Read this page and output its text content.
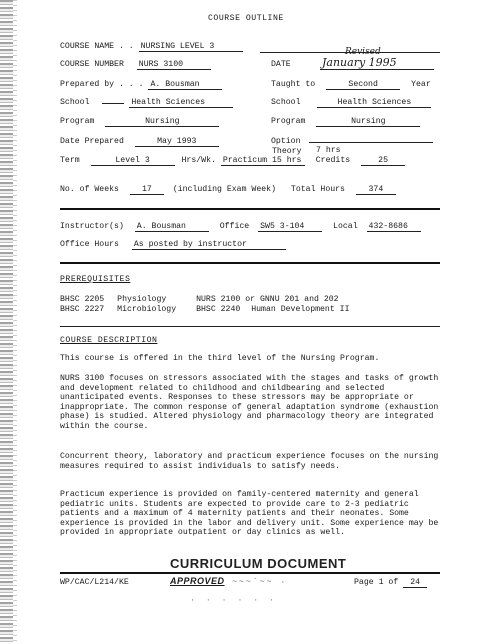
COURSE OUTLINE
COURSE NAME . . NURSING LEVEL 3
COURSE NUMBER NURS 3100	DATE
Revised
January 1995
Prepared by . . . A. Bousman	Taught to	Second	Year
School	Health Sciences	School	Health Sciences
Program	Nursing	Program	Nursing
Date Prepared	May 1993	Option
Theory 7 hrs
Term	Level 3	Hrs/Wk. Practicum 15 hrs Credits	25
No. of Weeks	17	(including Exam Week) Total Hours	374
Instructor(s) A. Bousman	Office SW5 3-104	Local 432-8686
Office Hours As posted by instructor
PREREQUISITES
BHSC 2205 Physiology	NURS 2100 or GNNU 201 and 202
BHSC 2227 Microbiology BHSC 2240 Human Development II
COURSE DESCRIPTION
This course is offered in the third level of the Nursing Program.
NURS 3100 focuses on stressors associated with the stages and tasks of growth and development related to childhood and childbearing and selected unanticipated events. Responses to these stressors may be appropriate or inappropriate. The common response of general adaptation syndrome (exhaustion phase) is studied. Altered physiology and pharmacology theory are integrated within the course.
Concurrent theory, laboratory and practicum experience focuses on the nursing measures required to assist individuals to satisfy needs.
Practicum experience is provided on family-centered maternity and general pediatric units. Students are expected to provide care to 2-3 pediatric patients and a maximum of 4 maternity patients and their neonates. Some experience is provided in the labor and delivery unit. Some experience may be provided in appropriate outpatient or day clinics as well.
CURRICULUM DOCUMENT
WP/CAC/L214/KE	APPROVED ~~~`~~ ·	Page 1 of 24
· · · · · ·
